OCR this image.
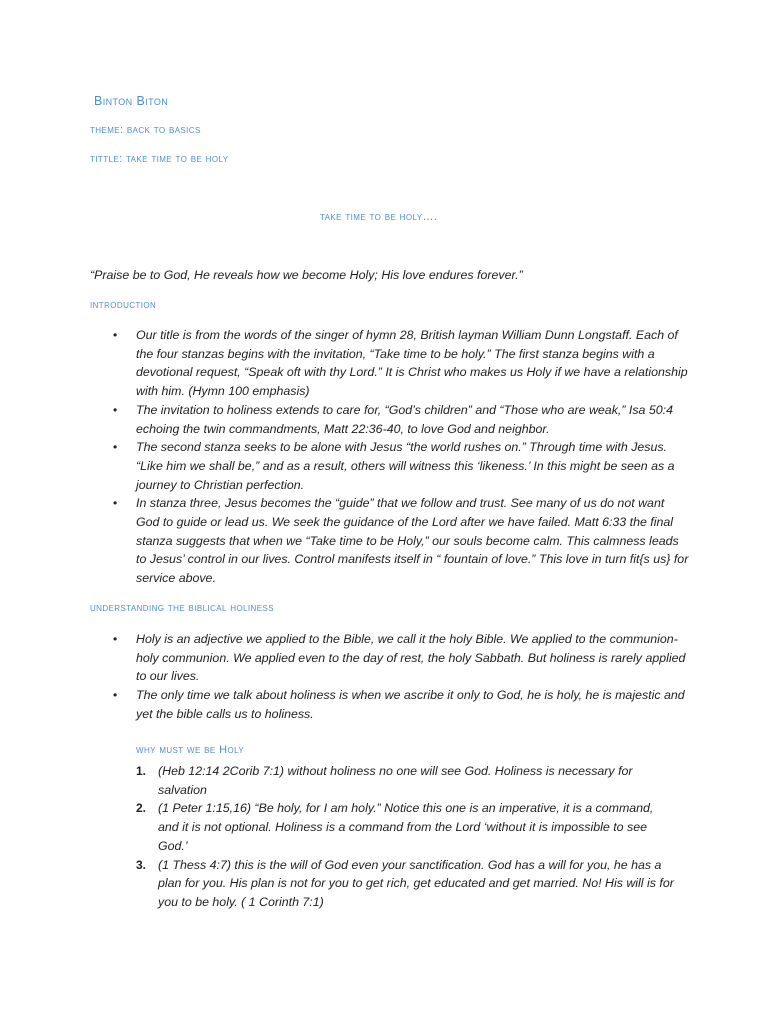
Binton Biton

theme: back to basics

tittle: take time to be holy

take time to be holy….

“Praise be to God, He reveals how we become Holy; His love endures forever.”

introduction

• Our title is from the words of the singer of hymn 28, British layman William Dunn Longstaff. Each of the four stanzas begins with the invitation, “Take time to be holy.” The first stanza begins with a devotional request, “Speak oft with thy Lord.” It is Christ who makes us Holy if we have a relationship with him. (Hymn 100 emphasis)
• The invitation to holiness extends to care for, “God’s children” and “Those who are weak,” Isa 50:4 echoing the twin commandments, Matt 22:36-40, to love God and neighbor.
• The second stanza seeks to be alone with Jesus “the world rushes on.” Through time with Jesus. “Like him we shall be,” and as a result, others will witness this ‘likeness.’ In this might be seen as a journey to Christian perfection.
• In stanza three, Jesus becomes the “guide” that we follow and trust. See many of us do not want God to guide or lead us. We seek the guidance of the Lord after we have failed. Matt 6:33 the final stanza suggests that when we “Take time to be Holy,” our souls become calm. This calmness leads to Jesus’ control in our lives. Control manifests itself in “ fountain of love.” This love in turn fit{s us} for service above.

understanding the biblical holiness

• Holy is an adjective we applied to the Bible, we call it the holy Bible. We applied to the communion-holy communion. We applied even to the day of rest, the holy Sabbath. But holiness is rarely applied to our lives.
• The only time we talk about holiness is when we ascribe it only to God, he is holy, he is majestic and yet the bible calls us to holiness.

why must we be Holy

1. (Heb 12:14 2Corib 7:1) without holiness no one will see God. Holiness is necessary for salvation
2. (1 Peter 1:15,16) “Be holy, for I am holy.” Notice this one is an imperative, it is a command, and it is not optional. Holiness is a command from the Lord ‘without it is impossible to see God.’
3. (1 Thess 4:7) this is the will of God even your sanctification. God has a will for you, he has a plan for you. His plan is not for you to get rich, get educated and get married. No! His will is for you to be holy. ( 1 Corinth 7:1)
